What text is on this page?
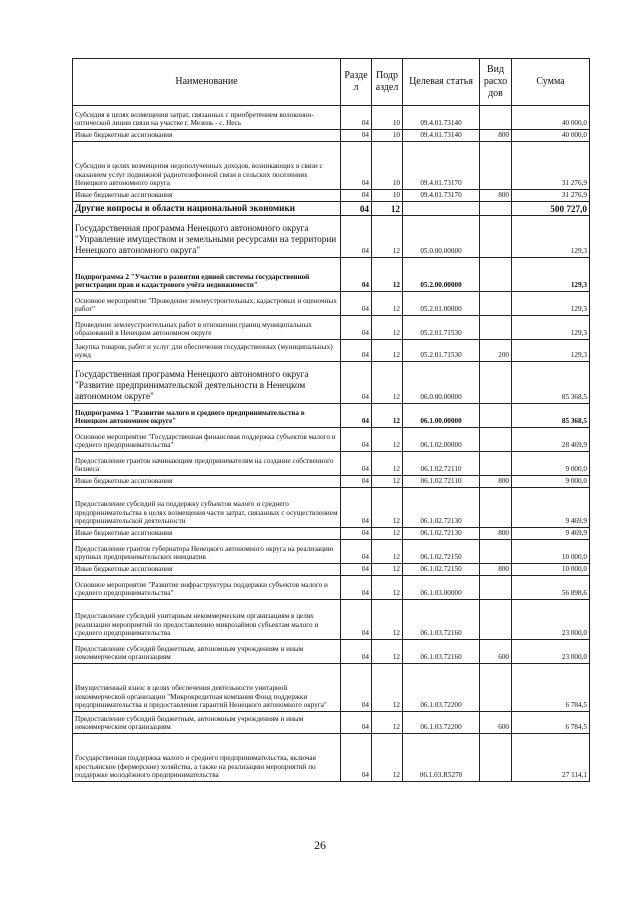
Наименование	Разде л	Подр аздел	Целевая статья	Вид расхо дов	Сумма
Субсидия в целях возмещения затрат, связанных с приобретением волоконно-оптической линии связи на участке г. Мезень - с. Несь	04	10	09.4.01.73140		40 000,0
Иные бюджетные ассигнования	04	10	09.4.01.73140	800	40 000,0
Субсидии в целях возмещения недополученных доходов, возникающих в связи с оказанием услуг подвижной радиотелефонной связи в сельских поселениях Ненецкого автономного округа	04	10	09.4.01.73170		31 276,9
Иные бюджетные ассигнования	04	10	09.4.01.73170	800	31 276,9
Другие вопросы в области национальной экономики	04	12			500 727,0
Государственная программа Ненецкого автономного округа "Управление имуществом и земельными ресурсами на территории Ненецкого автономного округа"	04	12	05.0.00.00000		129,3
Подпрограмма 2 "Участие в развитии единой системы государственной регистрации прав и кадастрового учёта недвижимости"	04	12	05.2.00.00000		129,3
Основное мероприятие "Проведение землеустроительных, кадастровых и оценочных работ"	04	12	05.2.01.00000		129,3
Проведение землеустроительных работ в отношении границ муниципальных образований в Ненецком автономном округе	04	12	05.2.01.71530		129,3
Закупка товаров, работ и услуг для обеспечения государственных (муниципальных) нужд	04	12	05.2.01.71530	200	129,3
Государственная программа Ненецкого автономного округа "Развитие предпринимательской деятельности в Ненецком автономном округе"	04	12	06.0.00.00000		85 368,5
Подпрограмма 1 "Развитие малого и среднего предпринимательства в Ненецком автономном округе"	04	12	06.1.00.00000		85 368,5
Основное мероприятие "Государственная финансовая поддержка субъектов малого и среднего предпринимательства"	04	12	06.1.02.00000		28 469,9
Предоставление грантов начинающим предпринимателям на создание собственного бизнеса	04	12	06.1.02.72110		9 000,0
Иные бюджетные ассигнования	04	12	06.1.02.72110	800	9 000,0
Предоставление субсидий на поддержку субъектов малого и среднего предпринимательства в целях возмещения части затрат, связанных с осуществлением предпринимательской деятельности	04	12	06.1.02.72130		9 469,9
Иные бюджетные ассигнования	04	12	06.1.02.72130	800	9 469,9
Предоставление грантов губернатора Ненецкого автономного округа на реализацию крупных предпринимательских инициатив	04	12	06.1.02.72150		10 000,0
Иные бюджетные ассигнования	04	12	06.1.02.72150	800	10 000,0
Основное мероприятие "Развитие инфраструктуры поддержки субъектов малого и среднего предпринимательства"	04	12	06.1.03.00000		56 898,6
Предоставление субсидий унитарным некоммерческим организациям в целях реализации мероприятий по предоставлению микрозаймов субъектам малого и среднего предпринимательства	04	12	06.1.03.72160		23 000,0
Предоставление субсидий бюджетным, автономным учреждениям и иным некоммерческим организациям	04	12	06.1.03.72160	600	23 000,0
Имущественный взнос в целях обеспечения деятельности унитарной некоммерческой организации "Микрокредитная компания Фонд поддержки предпринимательства и предоставления гарантий Ненецкого автономного округа"	04	12	06.1.03.72200		6 784,5
Предоставление субсидий бюджетным, автономным учреждениям и иным некоммерческим организациям	04	12	06.1.03.72200	600	6 784,5
Государственная поддержка малого и среднего предпринимательства, включая крестьянские (фермерские) хозяйства, а также на реализацию мероприятий по поддержке молодёжного предпринимательства	04	12	06.1.03.R5270		27 114,1
26
